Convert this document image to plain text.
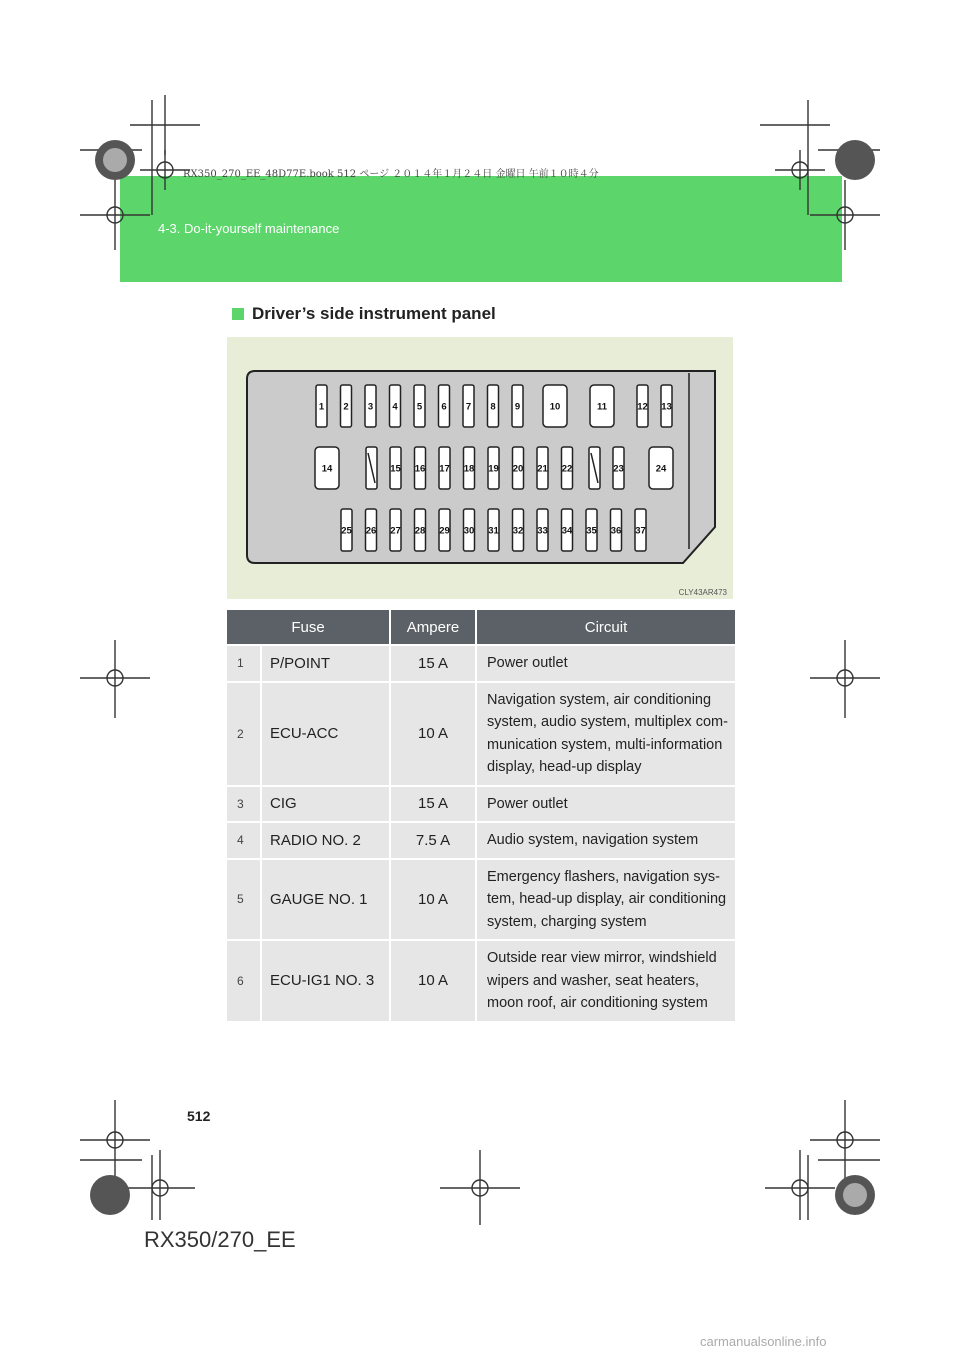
RX350_270_EE_48D77E.book 512 ページ ２０１４年１月２４日 金曜日 午前１０時４分
4-3. Do-it-yourself maintenance
Driver’s side instrument panel
1 2 3 4 5 6 7 8 9	10	11	12 13
14	15 16 17 18 19 20 21 22	23	24
25 26 27 28 29 30 31 32 33 34 35 36 37
CLY43AR473
Fuse		Ampere	Circuit
1	P/POINT	15 A	Power outlet
2	ECU-ACC	10 A	Navigation system, air conditioning system, audio system, multiplex com-munication system, multi-information display, head-up display
3	CIG	15 A	Power outlet
4	RADIO NO. 2	7.5 A	Audio system, navigation system
5	GAUGE NO. 1	10 A	Emergency flashers, navigation sys-tem, head-up display, air conditioning system, charging system
6	ECU-IG1 NO. 3	10 A	Outside rear view mirror, windshield wipers and washer, seat heaters, moon roof, air conditioning system
512
RX350/270_EE
carmanualsonline.info
